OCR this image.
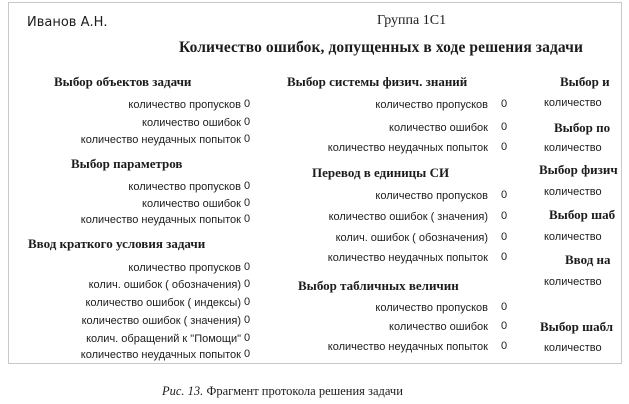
Иванов А.Н.	Группа 1С1
Количество ошибок, допущенных в ходе решения задачи
Выбор объектов задачи
количество пропусков 0
количество ошибок 0
количество неудачных попыток 0
Выбор параметров
количество пропусков 0
количество ошибок 0
количество неудачных попыток 0
Ввод краткого условия задачи
количество пропусков 0
колич. ошибок ( обозначения) 0
количество ошибок ( индексы) 0
количество ошибок ( значения) 0
колич. обращений к "Помощи" 0
количество неудачных попыток 0
Выбор системы физич. знаний
количество пропусков 0
количество ошибок 0
количество неудачных попыток 0
Перевод в единицы СИ
количество пропусков 0
количество ошибок ( значения) 0
колич. ошибок ( обозначения) 0
количество неудачных попыток 0
Выбор табличных величин
количество пропусков 0
количество ошибок 0
количество неудачных попыток 0
Выбор и
количество
Выбор по
количество
Выбор физич
количество
Выбор шаб
количество
Ввод на
количество
Выбор шабл
количество
Рис. 13. Фрагмент протокола решения задачи
